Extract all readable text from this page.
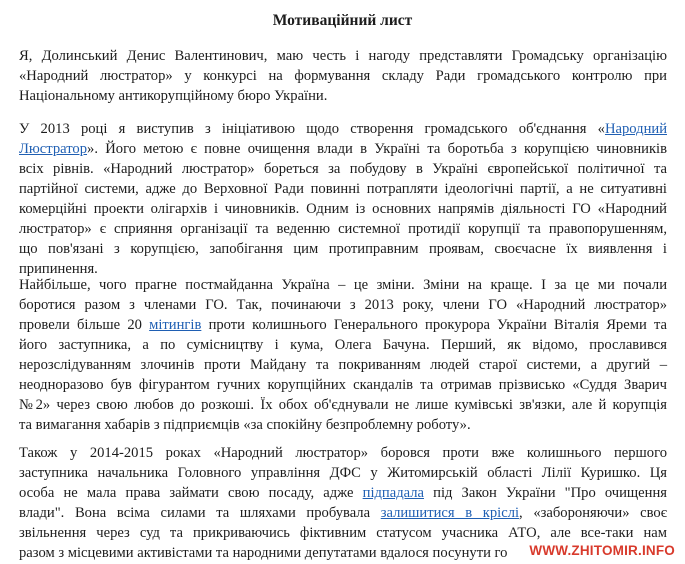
Мотиваційний лист
Я, Долинський Денис Валентинович, маю честь і нагоду представляти Громадську організацію
«Народний люстратор» у конкурсі на формування складу Ради громадського контролю при
Національному антикорупційному бюро України.
У 2013 році я виступив з ініціативою щодо створення громадського об'єднання «Народний
Люстратор». Його метою є повне очищення влади в Україні та боротьба з корупцією чиновників
всіх рівнів. «Народний люстратор» бореться за побудову в Україні європейської політичної та
партійної системи, адже до Верховної Ради повинні потрапляти ідеологічні партії, а не ситуативні
комерційні проекти олігархів і чиновників. Одним із основних напрямів діяльності ГО «Народний
люстратор» є сприяння організації та веденню системної протидії корупції та правопорушенням,
що пов'язані з корупцією, запобігання цим протиправним проявам, своєчасне їх виявлення і
припинення.
Найбільше, чого прагне постмайданна Україна – це зміни. Зміни на краще. І за це ми почали
боротися разом з членами ГО. Так, починаючи з 2013 року, члени ГО «Народний люстратор»
провели більше 20 мітингів проти колишнього Генерального прокурора України Віталія Яреми та
його заступника, а по сумісництву і кума, Олега Бачуна. Перший, як відомо, прославився
нерозслідуванням злочинів проти Майдану та покриванням людей старої системи, а другий –
неодноразово був фігурантом гучних корупційних скандалів та отримав прізвисько «Суддя Зварич
№2» через свою любов до розкоші. Їх обох об'єднували не лише кумівські зв'язки, але й корупція
та вимагання хабарів з підприємців «за спокійну безпроблемну роботу».
Також у 2014-2015 роках «Народний люстратор» боровся проти вже колишнього першого
заступника начальника Головного управління ДФС у Житомирській області Лілії Куришко. Ця
особа не мала права займати свою посаду, адже підпадала під Закон України "Про очищення
влади". Вона всіма силами та шляхами пробувала залишитися в кріслі, «забороняючи» своє
звільнення через суд та прикриваючись фіктивним статусом учасника АТО, але все-таки нам
разом з місцевими активістами та народними депутатами вдалося посунути го	WWW.ZHITOMIR.INFO
